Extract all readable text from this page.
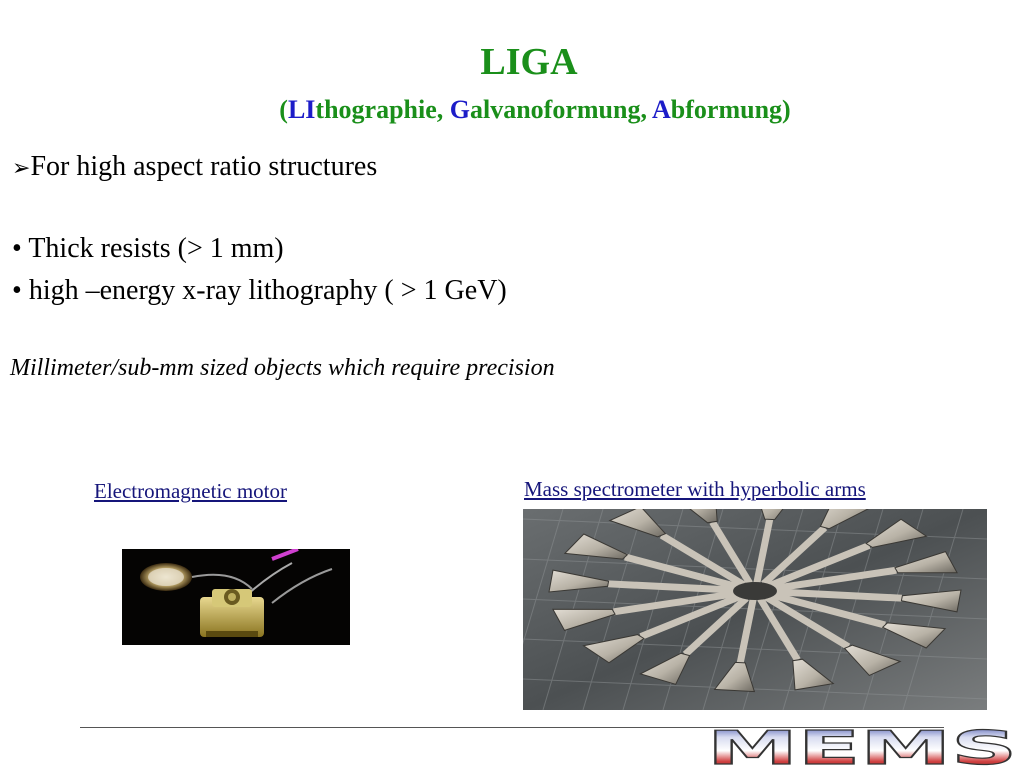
LIGA
(LIthographie, Galvanoformung, Abformung)
➢For high aspect ratio structures
• Thick resists (> 1 mm)
• high –energy x-ray lithography ( > 1 GeV)
Millimeter/sub-mm sized objects which require precision
Electromagnetic motor	Mass spectrometer with hyperbolic arms
MEMS
